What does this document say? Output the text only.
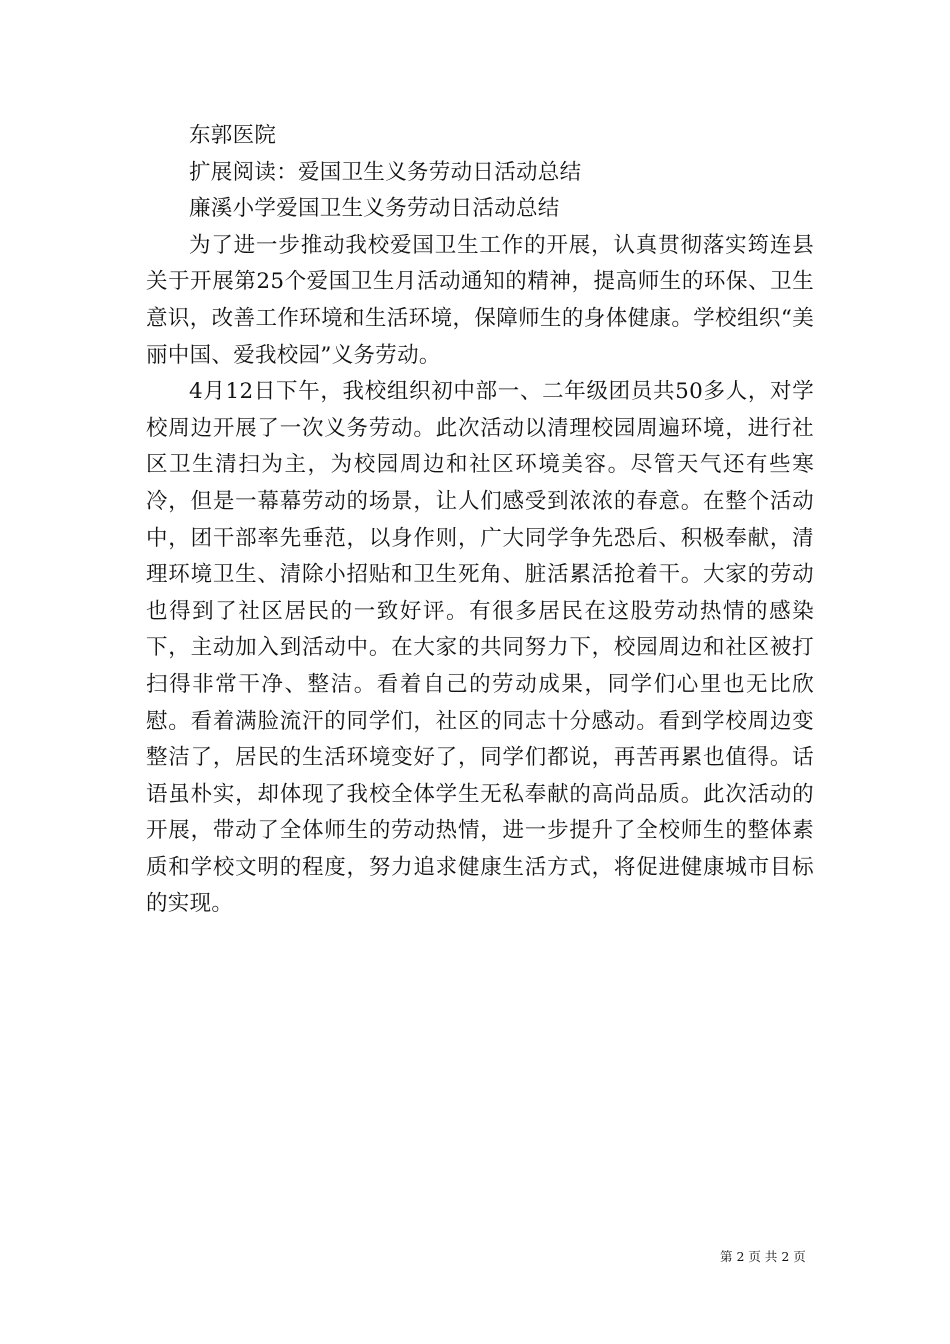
东郭医院

扩展阅读：爱国卫生义务劳动日活动总结

廉溪小学爱国卫生义务劳动日活动总结

为了进一步推动我校爱国卫生工作的开展，认真贯彻落实筠连县关于开展第25个爱国卫生月活动通知的精神，提高师生的环保、卫生意识，改善工作环境和生活环境，保障师生的身体健康。学校组织“美丽中国、爱我校园”义务劳动。

4月12日下午，我校组织初中部一、二年级团员共50多人，对学校周边开展了一次义务劳动。此次活动以清理校园周遍环境，进行社区卫生清扫为主，为校园周边和社区环境美容。尽管天气还有些寒冷，但是一幕幕劳动的场景，让人们感受到浓浓的春意。在整个活动中，团干部率先垂范，以身作则，广大同学争先恐后、积极奉献，清理环境卫生、清除小招贴和卫生死角、脏活累活抢着干。大家的劳动也得到了社区居民的一致好评。有很多居民在这股劳动热情的感染下，主动加入到活动中。在大家的共同努力下，校园周边和社区被打扫得非常干净、整洁。看着自己的劳动成果，同学们心里也无比欣慰。看着满脸流汗的同学们，社区的同志十分感动。看到学校周边变整洁了，居民的生活环境变好了，同学们都说，再苦再累也值得。话语虽朴实，却体现了我校全体学生无私奉献的高尚品质。此次活动的开展，带动了全体师生的劳动热情，进一步提升了全校师生的整体素质和学校文明的程度，努力追求健康生活方式，将促进健康城市目标的实现。

第 2 页 共 2 页
